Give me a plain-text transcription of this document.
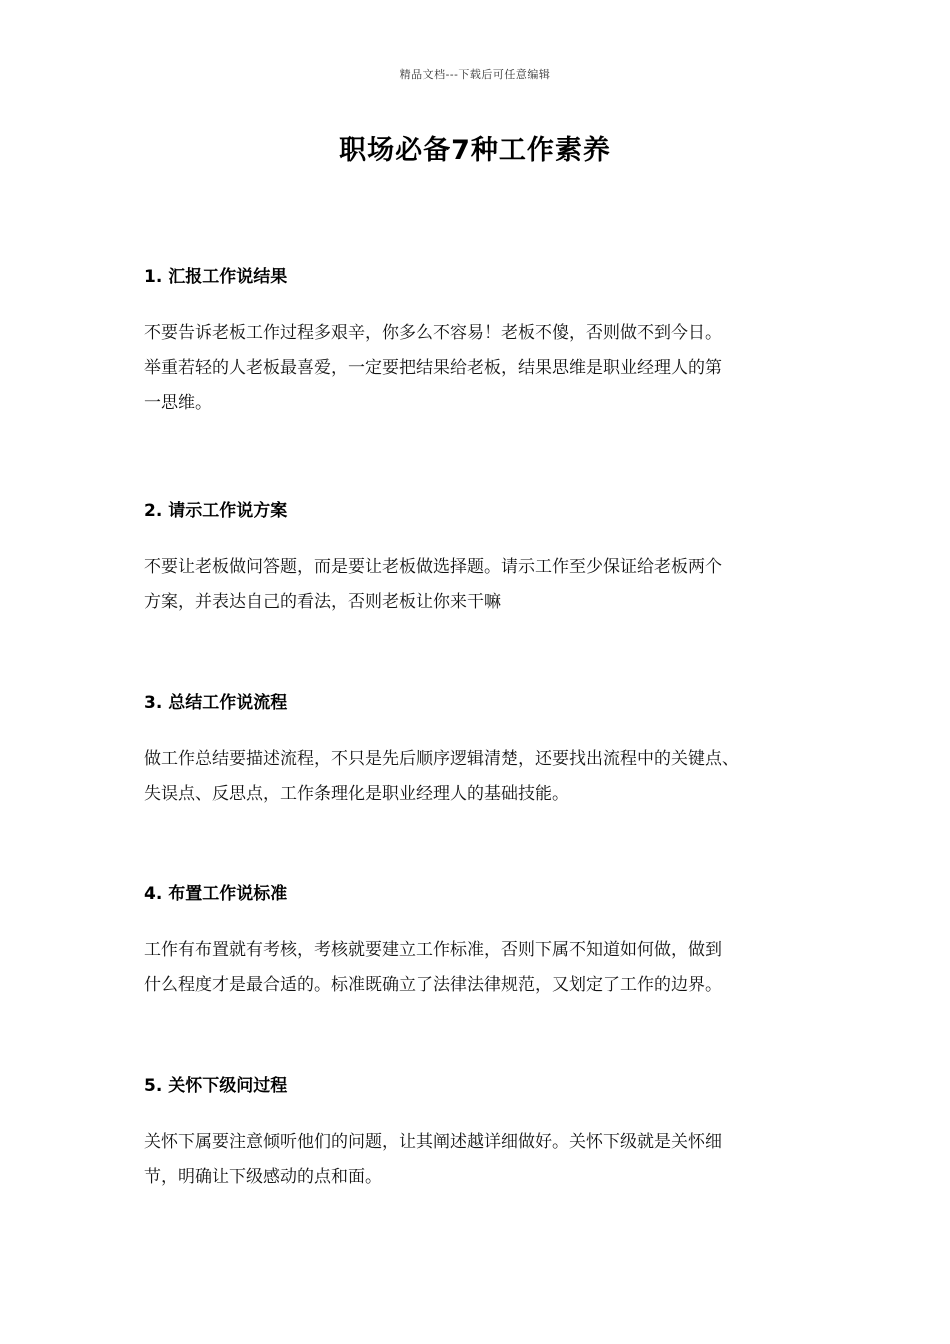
精品文档---下载后可任意编辑
职场必备7种工作素养
1. 汇报工作说结果

不要告诉老板工作过程多艰辛，你多么不容易！老板不傻，否则做不到今日。

举重若轻的人老板最喜爱，一定要把结果给老板，结果思维是职业经理人的第

一思维。

2. 请示工作说方案

不要让老板做问答题，而是要让老板做选择题。请示工作至少保证给老板两个

方案，并表达自己的看法，否则老板让你来干嘛

3. 总结工作说流程

做工作总结要描述流程，不只是先后顺序逻辑清楚，还要找出流程中的关键点、

失误点、反思点，工作条理化是职业经理人的基础技能。

4. 布置工作说标准

工作有布置就有考核，考核就要建立工作标准，否则下属不知道如何做，做到

什么程度才是最合适的。标准既确立了法律法律规范，又划定了工作的边界。

5. 关怀下级问过程

关怀下属要注意倾听他们的问题，让其阐述越详细做好。关怀下级就是关怀细

节，明确让下级感动的点和面。
